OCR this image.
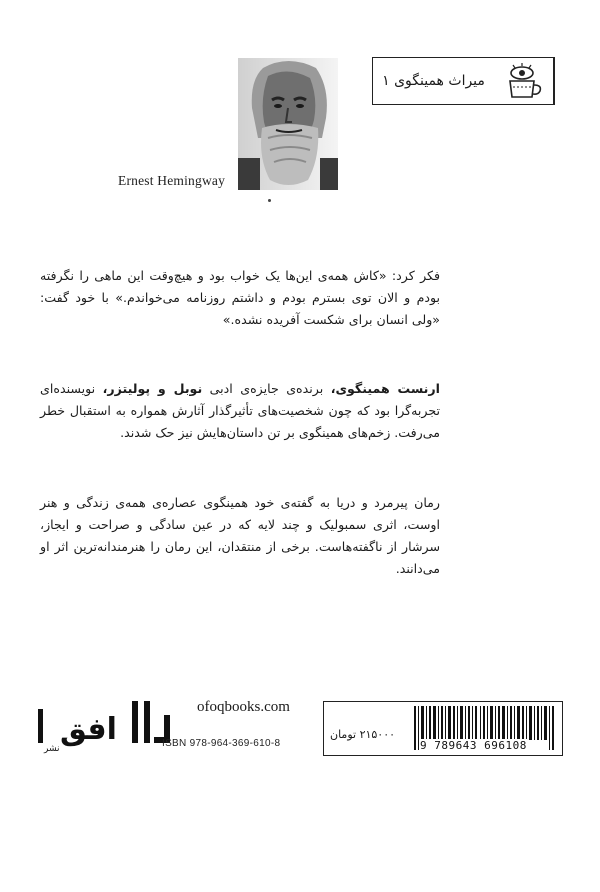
میراث همینگوی ۱
Ernest Hemingway

فکر کرد: «کاش همه‌ی این‌ها یک خواب بود و هیچ‌وقت این ماهی را نگرفته بودم و الان توی بسترم بودم و داشتم روزنامه می‌خواندم.» با خود گفت: «ولی انسان برای شکست آفریده نشده.»

ارنست همینگوی، برنده‌ی جایزه‌ی ادبی نوبل و پولیتزر، نویسنده‌ای تجربه‌گرا بود که چون شخصیت‌های تأثیرگذار آثارش همواره به استقبال خطر می‌رفت. زخم‌های همینگوی بر تن داستان‌هایش نیز حک شدند.

رمان پیرمرد و دریا به گفته‌ی خود همینگوی عصاره‌ی همه‌ی زندگی و هنر اوست، اثری سمبولیک و چند لایه که در عین سادگی و صراحت و ایجاز، سرشار از ناگفته‌هاست. برخی از منتقدان، این رمان را هنرمندانه‌ترین اثر او می‌دانند.

افق
نشر
ofoqbooks.com
ISBN 978-964-369-610-8
۲۱۵۰۰۰ تومان
9 789643 696108
